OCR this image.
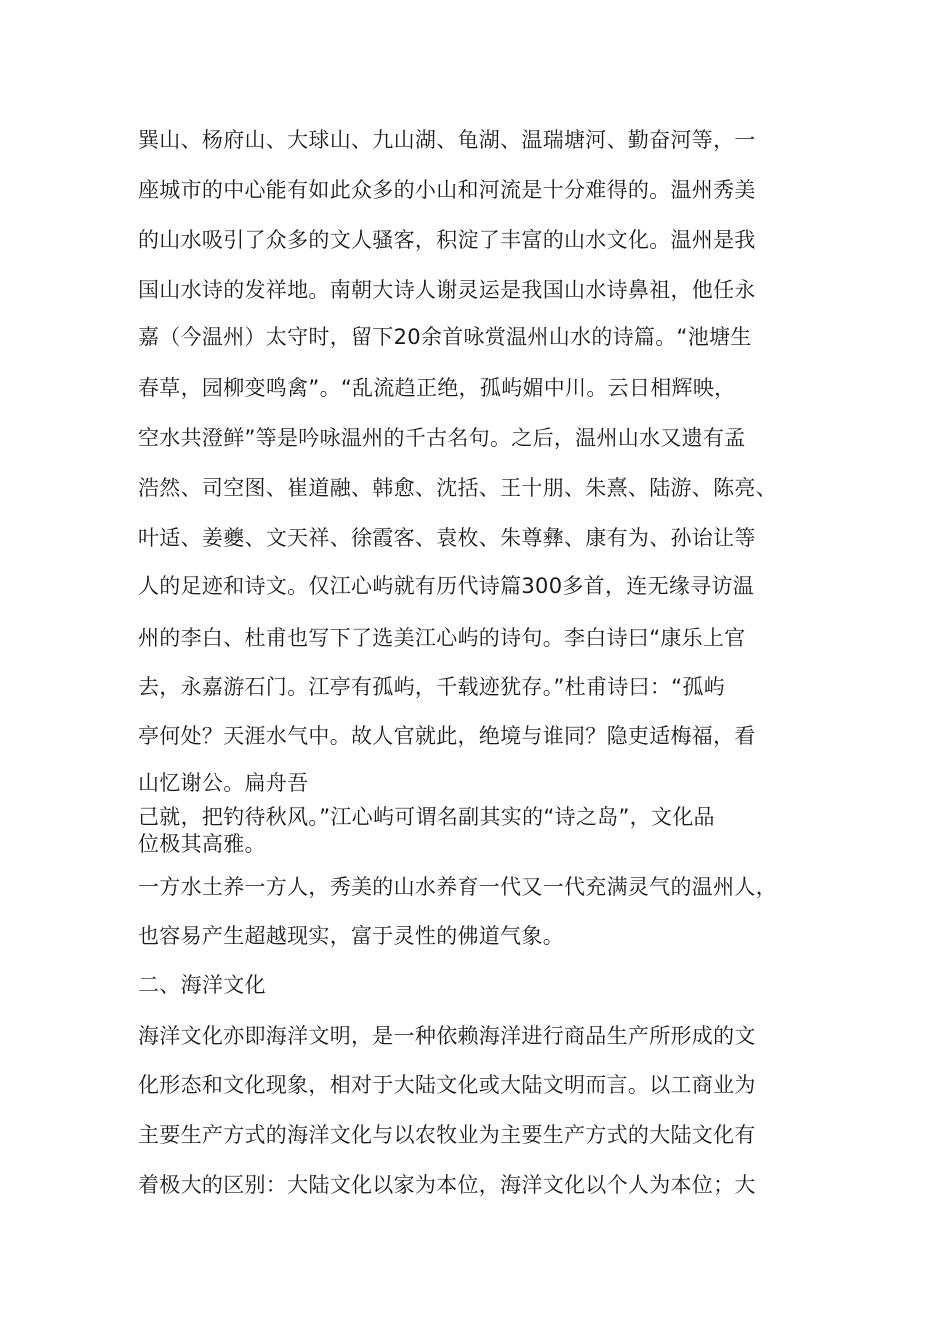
巽山、杨府山、大球山、九山湖、龟湖、温瑞塘河、勤奋河等，一
座城市的中心能有如此众多的小山和河流是十分难得的。温州秀美
的山水吸引了众多的文人骚客，积淀了丰富的山水文化。温州是我
国山水诗的发祥地。南朝大诗人谢灵运是我国山水诗鼻祖，他任永
嘉（今温州）太守时，留下20余首咏赏温州山水的诗篇。“池塘生
春草，园柳变鸣禽”。“乱流趋正绝，孤屿媚中川。云日相辉映，
空水共澄鲜”等是吟咏温州的千古名句。之后，温州山水又遗有孟
浩然、司空图、崔道融、韩愈、沈括、王十朋、朱熹、陆游、陈亮、
叶适、姜夔、文天祥、徐霞客、袁枚、朱尊彝、康有为、孙诒让等
人的足迹和诗文。仅江心屿就有历代诗篇300多首，连无缘寻访温
州的李白、杜甫也写下了选美江心屿的诗句。李白诗曰“康乐上官
去，永嘉游石门。江亭有孤屿，千载迹犹存。”杜甫诗曰：“孤屿
亭何处？天涯水气中。故人官就此，绝境与谁同？隐吏适梅福，看
山忆谢公。扁舟吾
己就，把钓待秋风。”江心屿可谓名副其实的“诗之岛”，文化品
位极其高雅。
一方水土养一方人，秀美的山水养育一代又一代充满灵气的温州人，
也容易产生超越现实，富于灵性的佛道气象。
二、海洋文化
海洋文化亦即海洋文明，是一种依赖海洋进行商品生产所形成的文
化形态和文化现象，相对于大陆文化或大陆文明而言。以工商业为
主要生产方式的海洋文化与以农牧业为主要生产方式的大陆文化有
着极大的区别：大陆文化以家为本位，海洋文化以个人为本位；大
